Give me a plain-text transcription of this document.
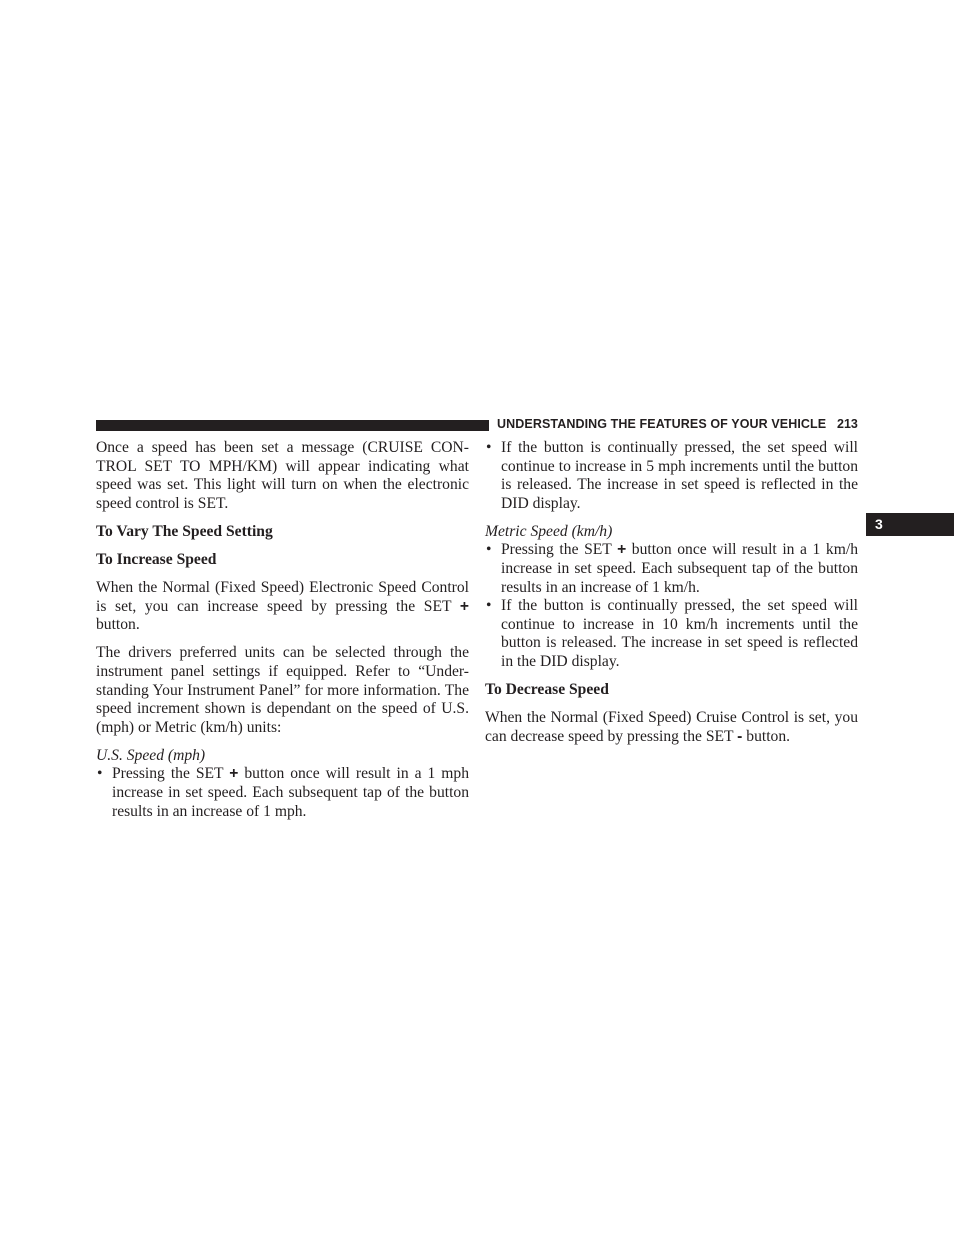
UNDERSTANDING THE FEATURES OF YOUR VEHICLE 213
3

Once a speed has been set a message (CRUISE CON-TROL SET TO MPH/KM) will appear indicating what speed was set. This light will turn on when the electronic speed control is SET.

To Vary The Speed Setting

To Increase Speed

When the Normal (Fixed Speed) Electronic Speed Control is set, you can increase speed by pressing the SET + button.

The drivers preferred units can be selected through the instrument panel settings if equipped. Refer to “Under-standing Your Instrument Panel” for more information. The speed increment shown is dependant on the speed of U.S. (mph) or Metric (km/h) units:

U.S. Speed (mph)

• Pressing the SET + button once will result in a 1 mph increase in set speed. Each subsequent tap of the button results in an increase of 1 mph.

• If the button is continually pressed, the set speed will continue to increase in 5 mph increments until the button is released. The increase in set speed is reflected in the DID display.

Metric Speed (km/h)

• Pressing the SET + button once will result in a 1 km/h increase in set speed. Each subsequent tap of the button results in an increase of 1 km/h.

• If the button is continually pressed, the set speed will continue to increase in 10 km/h increments until the button is released. The increase in set speed is reflected in the DID display.

To Decrease Speed

When the Normal (Fixed Speed) Cruise Control is set, you can decrease speed by pressing the SET - button.
